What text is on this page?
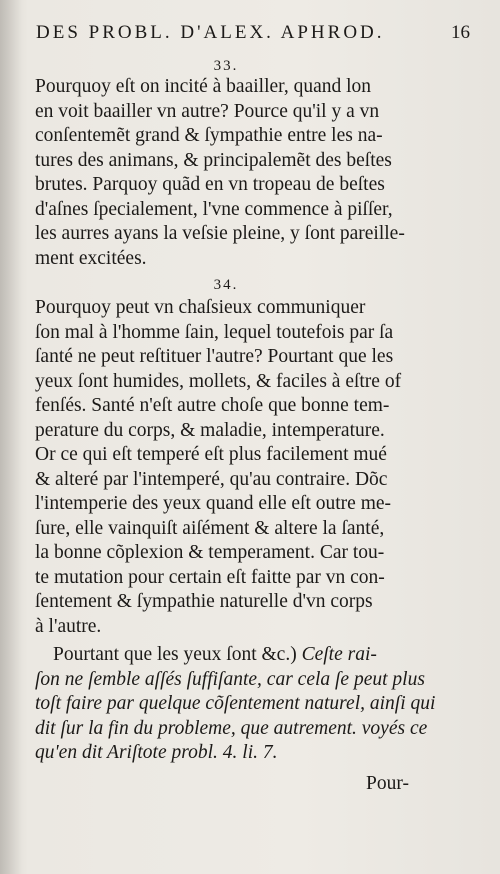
DES PROBL. D'ALEX. APHROD.	16
33.
Pourquoy eſt on incité à baailler, quand lon
en voit baailler vn autre? Pource qu'il y a vn
conſentemẽt grand & ſympathie entre les na-
tures des animans, & principalemẽt des beſtes
brutes. Parquoy quãd en vn tropeau de beſtes
d'aſnes ſpecialement, l'vne commence à piſſer,
les aurres ayans la veſsie pleine, y ſont pareille-
ment excitées.
34.
Pourquoy peut vn chaſsieux communiquer
ſon mal à l'homme ſain, lequel toutefois par ſa
ſanté ne peut reſtituer l'autre? Pourtant que les
yeux ſont humides, mollets, & faciles à eſtre of
fenſés. Santé n'eſt autre choſe que bonne tem-
perature du corps, & maladie, intemperature.
Or ce qui eſt temperé eſt plus facilement mué
& alteré par l'intemperé, qu'au contraire. Dõc
l'intemperie des yeux quand elle eſt outre me-
ſure, elle vainquiſt aiſément & altere la ſanté,
la bonne cõplexion & temperament. Car tou-
te mutation pour certain eſt faitte par vn con-
ſentement & ſympathie naturelle d'vn corps
à l'autre.
Pourtant que les yeux ſont &c.) Ceſte rai-
ſon ne ſemble aſſés ſuffiſante, car cela ſe peut plus
toſt faire par quelque cõſentement naturel, ainſi qui
dit ſur la fin du probleme, que autrement. voyés ce
qu'en dit Ariſtote probl. 4. li. 7.
Pour-
